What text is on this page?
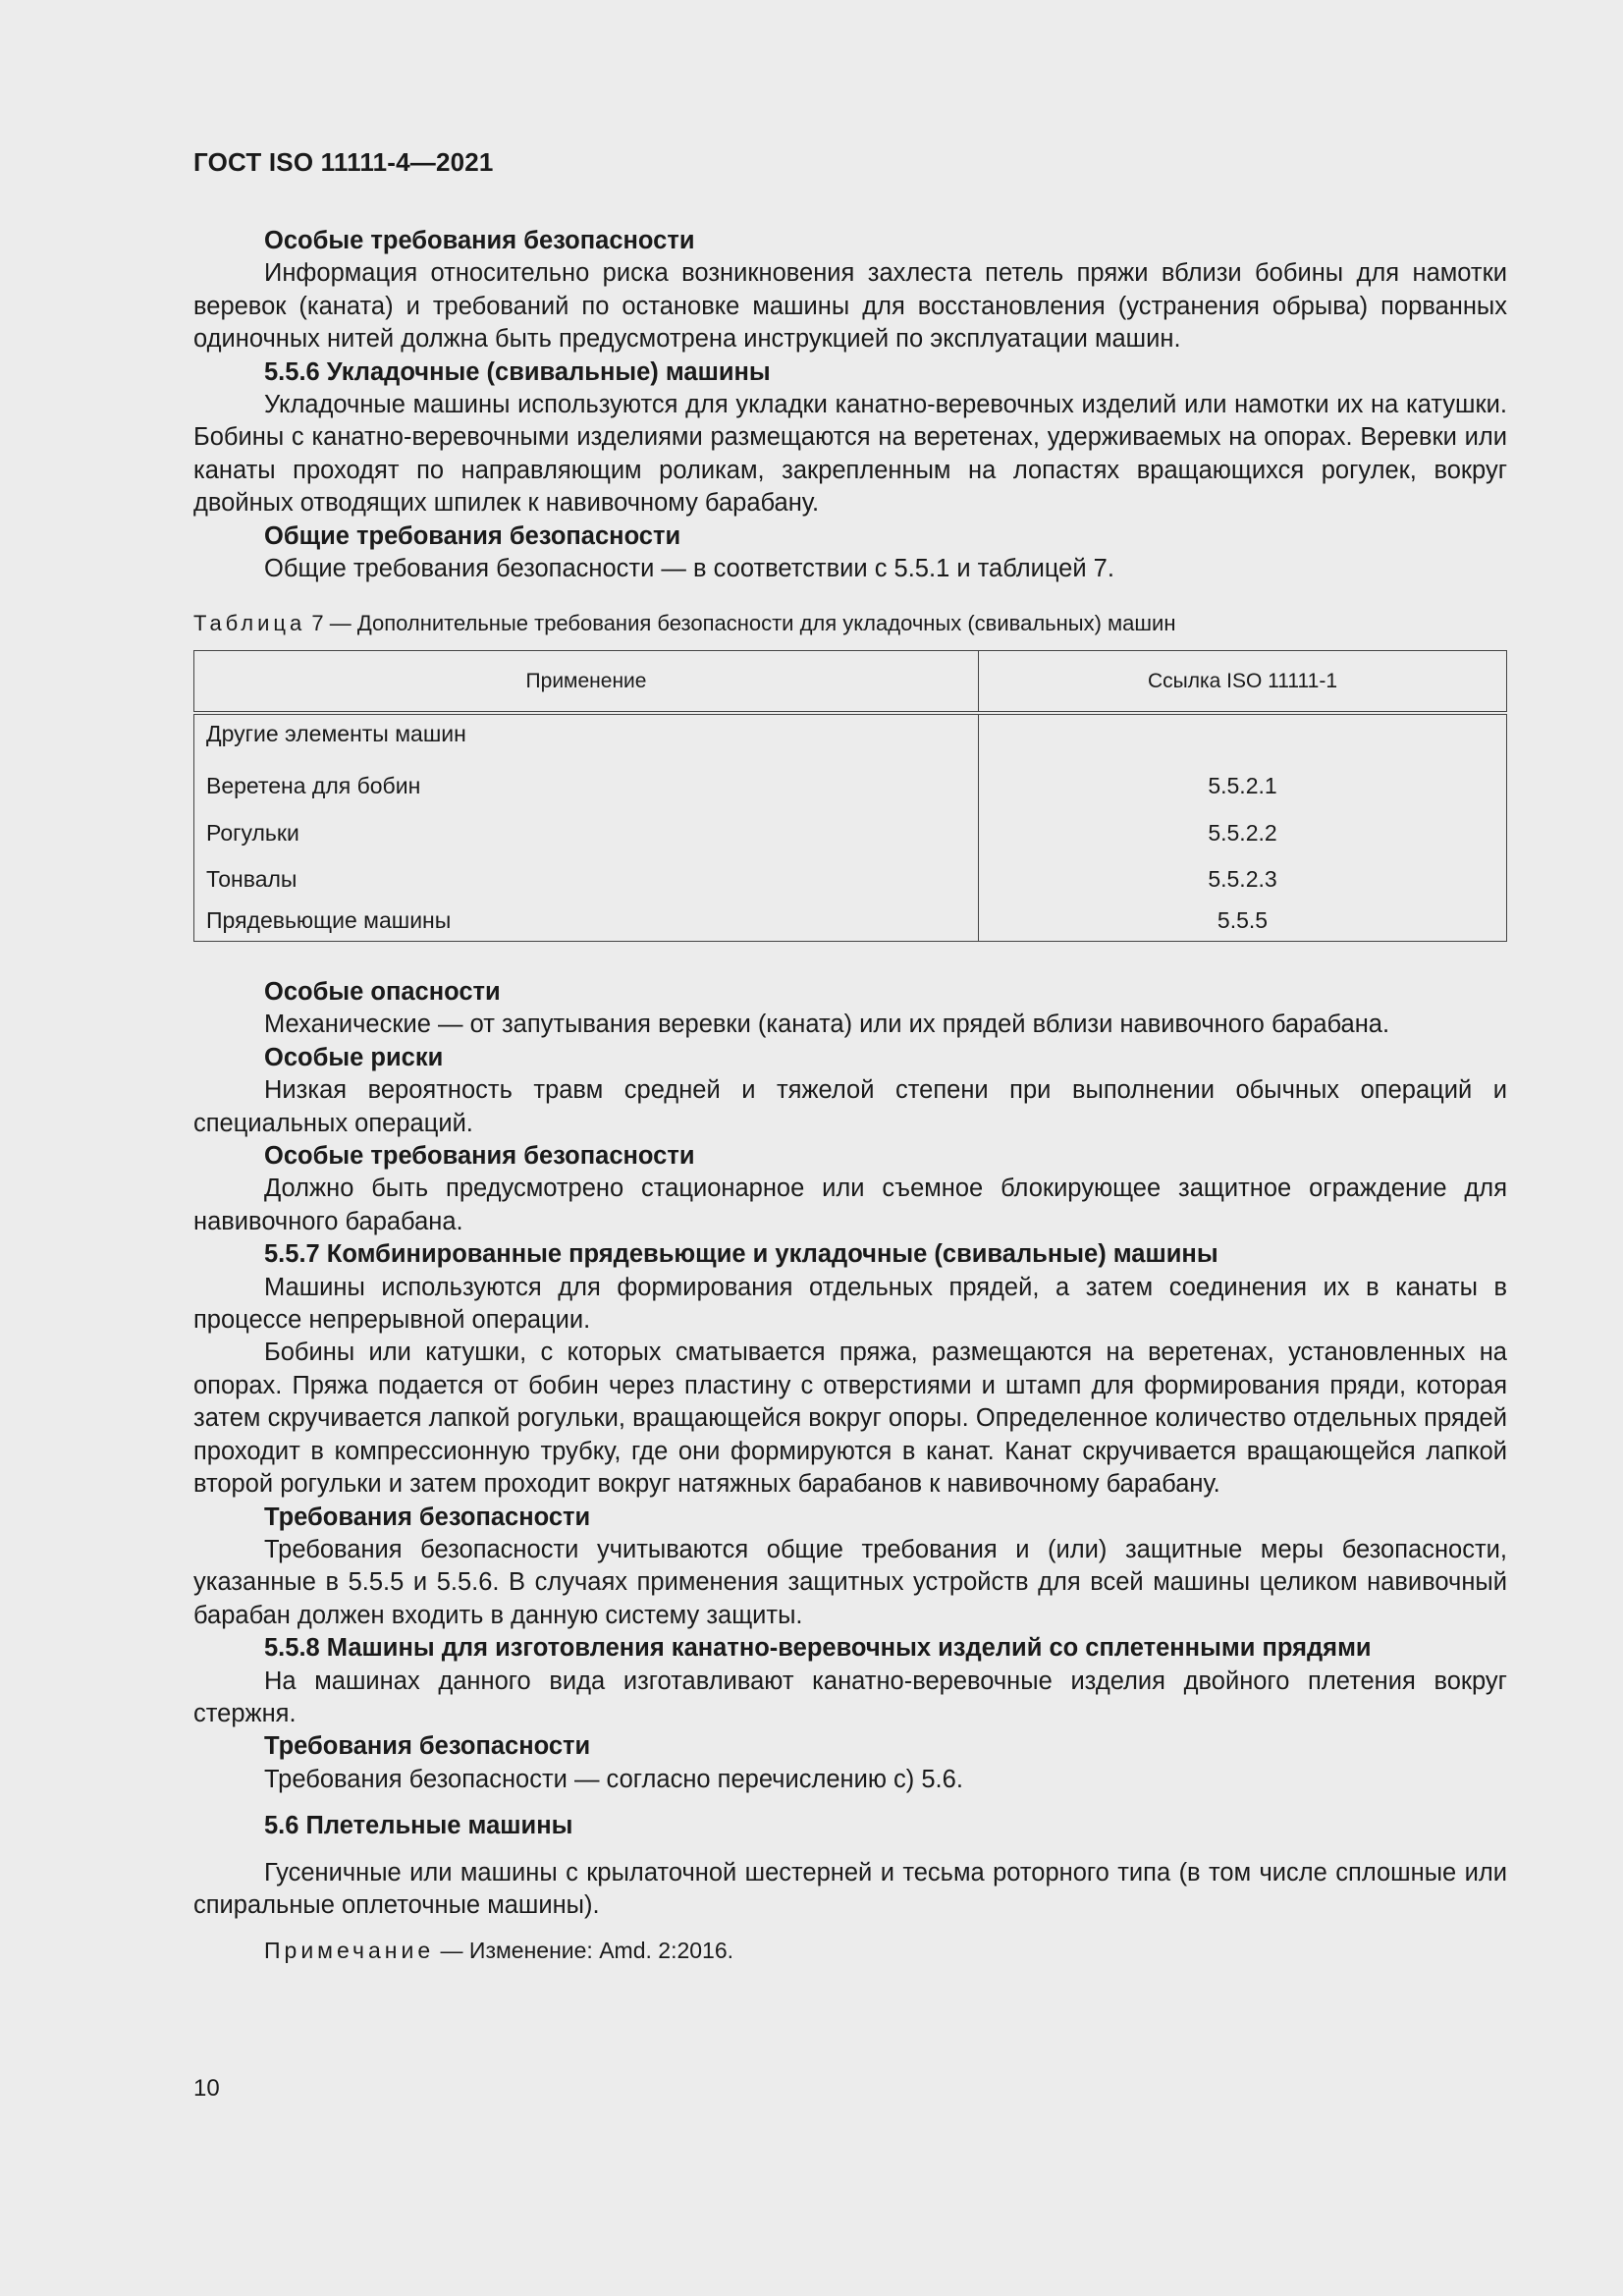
ГОСТ ISO 11111-4—2021

Особые требования безопасности

Информация относительно риска возникновения захлеста петель пряжи вблизи бобины для намотки веревок (каната) и требований по остановке машины для восстановления (устранения обрыва) порванных одиночных нитей должна быть предусмотрена инструкцией по эксплуатации машин.

5.5.6 Укладочные (свивальные) машины

Укладочные машины используются для укладки канатно-веревочных изделий или намотки их на катушки. Бобины с канатно-веревочными изделиями размещаются на веретенах, удерживаемых на опорах. Веревки или канаты проходят по направляющим роликам, закрепленным на лопастях вращающихся рогулек, вокруг двойных отводящих шпилек к навивочному барабану.

Общие требования безопасности

Общие требования безопасности — в соответствии с 5.5.1 и таблицей 7.

Таблица 7 — Дополнительные требования безопасности для укладочных (свивальных) машин

Применение	Ссылка ISO 11111-1
Другие элементы машин	
Веретена для бобин	5.5.2.1
Рогульки	5.5.2.2
Тонвалы	5.5.2.3
Прядевьющие машины	5.5.5

Особые опасности

Механические — от запутывания веревки (каната) или их прядей вблизи навивочного барабана.

Особые риски

Низкая вероятность травм средней и тяжелой степени при выполнении обычных операций и специальных операций.

Особые требования безопасности

Должно быть предусмотрено стационарное или съемное блокирующее защитное ограждение для навивочного барабана.

5.5.7 Комбинированные прядевьющие и укладочные (свивальные) машины

Машины используются для формирования отдельных прядей, а затем соединения их в канаты в процессе непрерывной операции.

Бобины или катушки, с которых сматывается пряжа, размещаются на веретенах, установленных на опорах. Пряжа подается от бобин через пластину с отверстиями и штамп для формирования пряди, которая затем скручивается лапкой рогульки, вращающейся вокруг опоры. Определенное количество отдельных прядей проходит в компрессионную трубку, где они формируются в канат. Канат скручивается вращающейся лапкой второй рогульки и затем проходит вокруг натяжных барабанов к навивочному барабану.

Требования безопасности

Требования безопасности учитываются общие требования и (или) защитные меры безопасности, указанные в 5.5.5 и 5.5.6. В случаях применения защитных устройств для всей машины целиком навивочный барабан должен входить в данную систему защиты.

5.5.8 Машины для изготовления канатно-веревочных изделий со сплетенными прядями

На машинах данного вида изготавливают канатно-веревочные изделия двойного плетения вокруг стержня.

Требования безопасности

Требования безопасности — согласно перечислению с) 5.6.

5.6 Плетельные машины

Гусеничные или машины с крылаточной шестерней и тесьма роторного типа (в том числе сплошные или спиральные оплеточные машины).

Примечание — Изменение: Amd. 2:2016.

10
